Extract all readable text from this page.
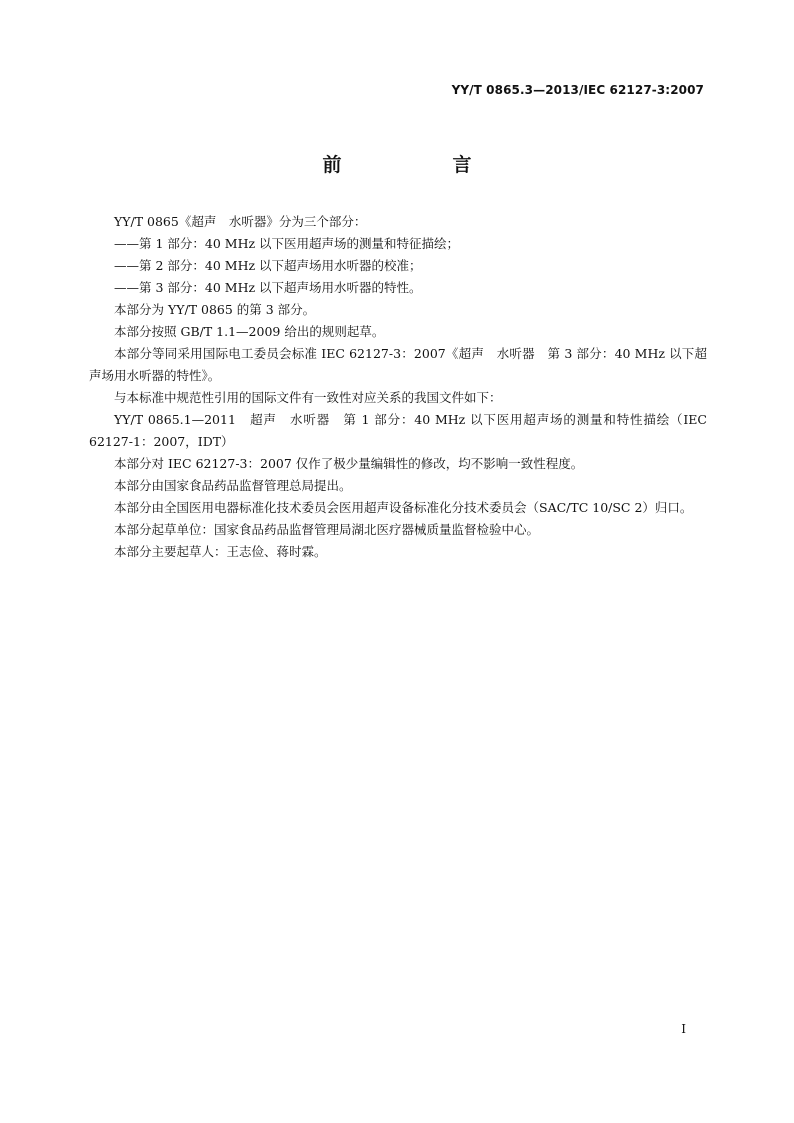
YY/T 0865.3—2013/IEC 62127-3:2007
前　言

YY/T 0865《超声　水听器》分为三个部分：

——第 1 部分：40 MHz 以下医用超声场的测量和特征描绘；

——第 2 部分：40 MHz 以下超声场用水听器的校准；

——第 3 部分：40 MHz 以下超声场用水听器的特性。

本部分为 YY/T 0865 的第 3 部分。

本部分按照 GB/T 1.1—2009 给出的规则起草。

本部分等同采用国际电工委员会标准 IEC 62127-3：2007《超声　水听器　第 3 部分：40 MHz 以下超声场用水听器的特性》。

与本标准中规范性引用的国际文件有一致性对应关系的我国文件如下：

YY/T 0865.1—2011　超声　水听器　第 1 部分：40 MHz 以下医用超声场的测量和特性描绘（IEC 62127-1：2007，IDT）

本部分对 IEC 62127-3：2007 仅作了极少量编辑性的修改，均不影响一致性程度。

本部分由国家食品药品监督管理总局提出。

本部分由全国医用电器标准化技术委员会医用超声设备标准化分技术委员会（SAC/TC 10/SC 2）归口。

本部分起草单位：国家食品药品监督管理局湖北医疗器械质量监督检验中心。

本部分主要起草人：王志俭、蒋时霖。

I
